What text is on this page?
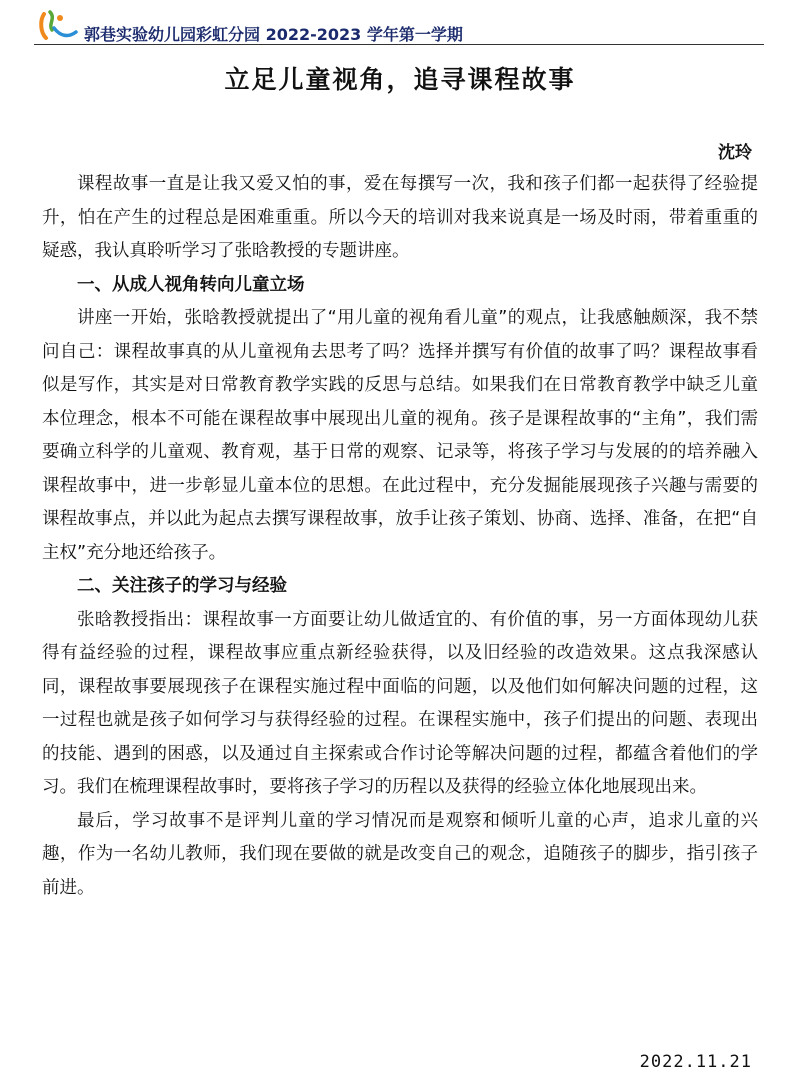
郭巷实验幼儿园彩虹分园 2022-2023 学年第一学期
立足儿童视角，追寻课程故事
沈玲

课程故事一直是让我又爱又怕的事，爱在每撰写一次，我和孩子们都一起获得了经验提升，怕在产生的过程总是困难重重。所以今天的培训对我来说真是一场及时雨，带着重重的疑惑，我认真聆听学习了张晗教授的专题讲座。

一、从成人视角转向儿童立场

讲座一开始，张晗教授就提出了“用儿童的视角看儿童”的观点，让我感触颇深，我不禁问自己：课程故事真的从儿童视角去思考了吗？选择并撰写有价值的故事了吗？课程故事看似是写作，其实是对日常教育教学实践的反思与总结。如果我们在日常教育教学中缺乏儿童本位理念，根本不可能在课程故事中展现出儿童的视角。孩子是课程故事的“主角”，我们需要确立科学的儿童观、教育观，基于日常的观察、记录等，将孩子学习与发展的的培养融入课程故事中，进一步彰显儿童本位的思想。在此过程中，充分发掘能展现孩子兴趣与需要的课程故事点，并以此为起点去撰写课程故事，放手让孩子策划、协商、选择、准备，在把“自主权”充分地还给孩子。

二、关注孩子的学习与经验

张晗教授指出：课程故事一方面要让幼儿做适宜的、有价值的事，另一方面体现幼儿获得有益经验的过程，课程故事应重点新经验获得，以及旧经验的改造效果。这点我深感认同，课程故事要展现孩子在课程实施过程中面临的问题，以及他们如何解决问题的过程，这一过程也就是孩子如何学习与获得经验的过程。在课程实施中，孩子们提出的问题、表现出的技能、遇到的困惑，以及通过自主探索或合作讨论等解决问题的过程，都蕴含着他们的学习。我们在梳理课程故事时，要将孩子学习的历程以及获得的经验立体化地展现出来。

最后，学习故事不是评判儿童的学习情况而是观察和倾听儿童的心声，追求儿童的兴趣，作为一名幼儿教师，我们现在要做的就是改变自己的观念，追随孩子的脚步，指引孩子前进。

2022.11.21
